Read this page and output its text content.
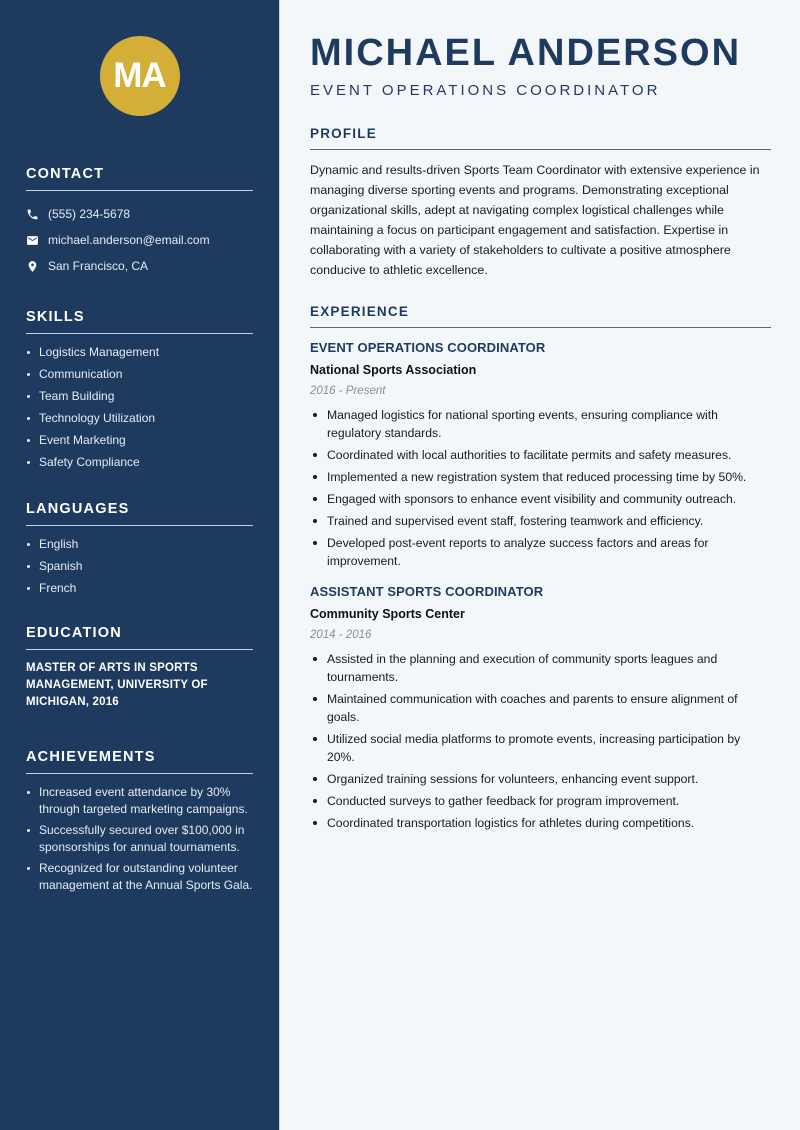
MA
CONTACT
(555) 234-5678
michael.anderson@email.com
San Francisco, CA
SKILLS
Logistics Management
Communication
Team Building
Technology Utilization
Event Marketing
Safety Compliance
LANGUAGES
English
Spanish
French
EDUCATION

MASTER OF ARTS IN SPORTS MANAGEMENT, UNIVERSITY OF MICHIGAN, 2016

ACHIEVEMENTS
Increased event attendance by 30% through targeted marketing campaigns.
Successfully secured over $100,000 in sponsorships for annual tournaments.
Recognized for outstanding volunteer management at the Annual Sports Gala.
MICHAEL ANDERSON
EVENT OPERATIONS COORDINATOR
PROFILE

Dynamic and results-driven Sports Team Coordinator with extensive experience in managing diverse sporting events and programs. Demonstrating exceptional organizational skills, adept at navigating complex logistical challenges while maintaining a focus on participant engagement and satisfaction. Expertise in collaborating with a variety of stakeholders to cultivate a positive atmosphere conducive to athletic excellence.

EXPERIENCE
EVENT OPERATIONS COORDINATOR
National Sports Association
2016 - Present
Managed logistics for national sporting events, ensuring compliance with regulatory standards.
Coordinated with local authorities to facilitate permits and safety measures.
Implemented a new registration system that reduced processing time by 50%.
Engaged with sponsors to enhance event visibility and community outreach.
Trained and supervised event staff, fostering teamwork and efficiency.
Developed post-event reports to analyze success factors and areas for improvement.
ASSISTANT SPORTS COORDINATOR
Community Sports Center
2014 - 2016
Assisted in the planning and execution of community sports leagues and tournaments.
Maintained communication with coaches and parents to ensure alignment of goals.
Utilized social media platforms to promote events, increasing participation by 20%.
Organized training sessions for volunteers, enhancing event support.
Conducted surveys to gather feedback for program improvement.
Coordinated transportation logistics for athletes during competitions.
